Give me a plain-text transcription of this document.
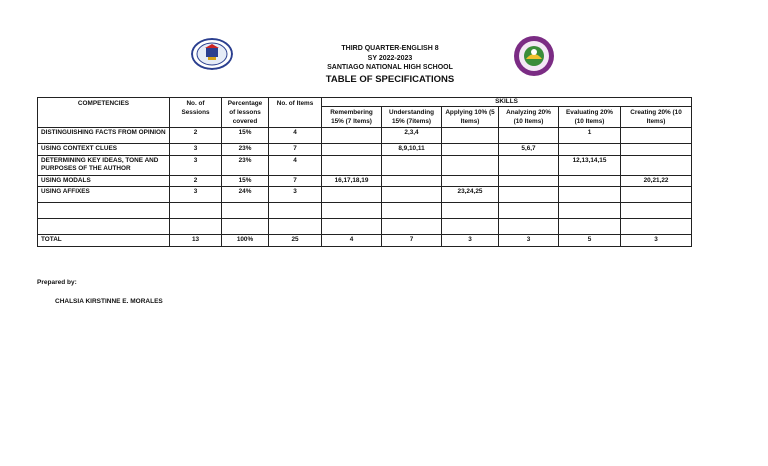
THIRD QUARTER-ENGLISH 8
SY 2022-2023
SANTIAGO NATIONAL HIGH SCHOOL
TABLE OF SPECIFICATIONS
COMPETENCIES	No. of Sessions	Percentage of lessons covered	No. of Items	SKILLS					
				Remembering 15% (7 Items)	Understanding 15% (7items)	Applying 10% (5 Items)	Analyzing 20% (10 Items)	Evaluating 20% (10 Items)	Creating 20% (10 Items)
DISTINGUISHING FACTS FROM OPINION	2	15%	4		2,3,4			1	
USING CONTEXT CLUES	3	23%	7		8,9,10,11		5,6,7		
DETERMINING KEY IDEAS, TONE AND PURPOSES OF THE AUTHOR	3	23%	4					12,13,14,15	
USING MODALS	2	15%	7	16,17,18,19					20,21,22
USING AFFIXES	3	24%	3			23,24,25			

TOTAL	13	100%	25	4	7	3	3	5	3
Prepared by:
CHALSIA KIRSTINNE E. MORALES
